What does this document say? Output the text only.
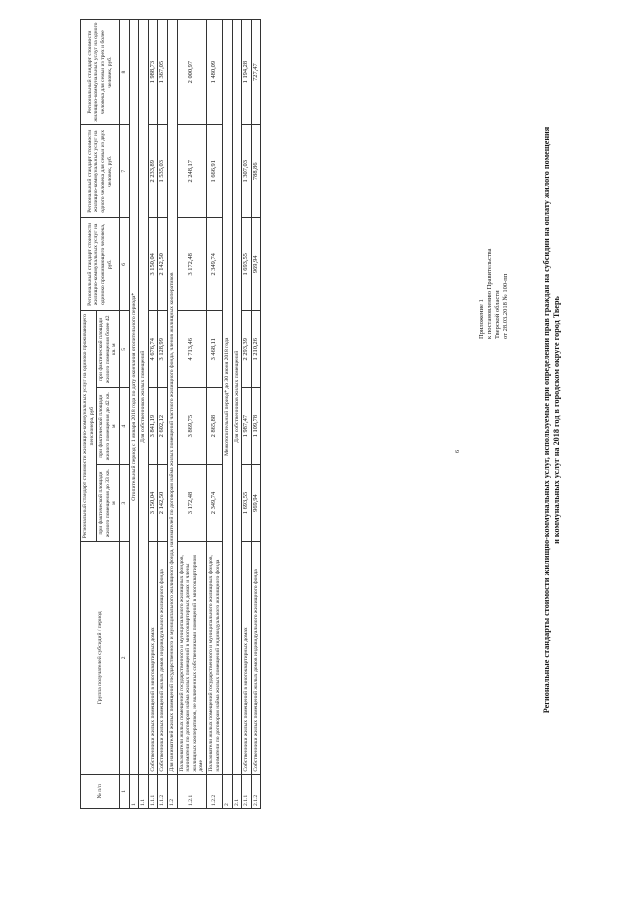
6
Приложение 1 к постановлению Правительства Тверской области от 28.03.2018 № 100-пп	Региональные стандарты стоимости жилищно-коммунальных услуг, используемые при определении прав граждан на субсидии на оплату жилого помещения и коммунальных услуг на 2018 год в городском округе город Тверь
№ п/п	Группа получателей субсидий / период	Региональный стандарт стоимости жилищно-коммунальных услуг на одиноко проживающего пенсионера, руб			Региональный стандарт стоимости жилищно-коммунальных услуг на одиноко проживающего человека, руб.	Региональный стандарт стоимости жилищно-коммунальных услуг на одного человека для семьи из двух человек, руб.	Региональный стандарт стоимости жилищно-коммунальных услуг на одного человека для семьи из трех и более человек, руб.
		при фактической площади жилого помещения до 33 кв. м	при фактической площади жилого помещения до 42 кв. м	при фактической площади жилого помещения более 42 кв. м			
1	2	3	4	5	6	7	8
1	Отопительный период с 1 января 2018 года по дату окончания отопительного периода*						
1.1	Для собственников жилых помещений						
1.1.1	Собственники жилых помещений в многоквартирных домах	3 150,04	3 841,19	4 676,74	3 150,04	2 233,89	1 988,73
1.1.2	Собственники жилых помещений жилых домов индивидуального жилищного фонда	2 142,50	2 602,12	3 128,99	2 142,50	1 535,03	1 367,05
1.2	Для нанимателей жилых помещений государственного и муниципального жилищного фонда, нанимателей по договорам найма жилых помещений частного жилищного фонда, членов жилищных кооперативов						
1.2.1	Пользователи жилых помещений государственного и муниципального жилищных фондов, наниматели по договорам найма жилых помещений в многоквартирных домах и члены жилищных кооперативов, не включенных собственниками помещений в многоквартирном доме	3 172,48	3 869,75	4 713,46	3 172,48	2 248,17	2 000,97
1.2.2	Пользователи жилых помещений государственного и муниципального жилищных фондов, наниматели по договорам найма жилых помещений индивидуального жилищного фонда	2 349,74	2 865,88	3 468,11	2 349,74	1 666,91	1 480,09
2	Межотопительный период* до 30 июня 2018 года						
2.1	Для собственников жилых помещений						
2.1.1	Собственники жилых помещений в многоквартирных домах	1 693,55	1 987,47	2 293,39	1 693,55	1 307,03	1 194,28
2.1.2	Собственники жилых помещений жилых домов индивидуального жилищного фонда	969,94	1 109,78	1 210,26	969,94	788,86	727,47
